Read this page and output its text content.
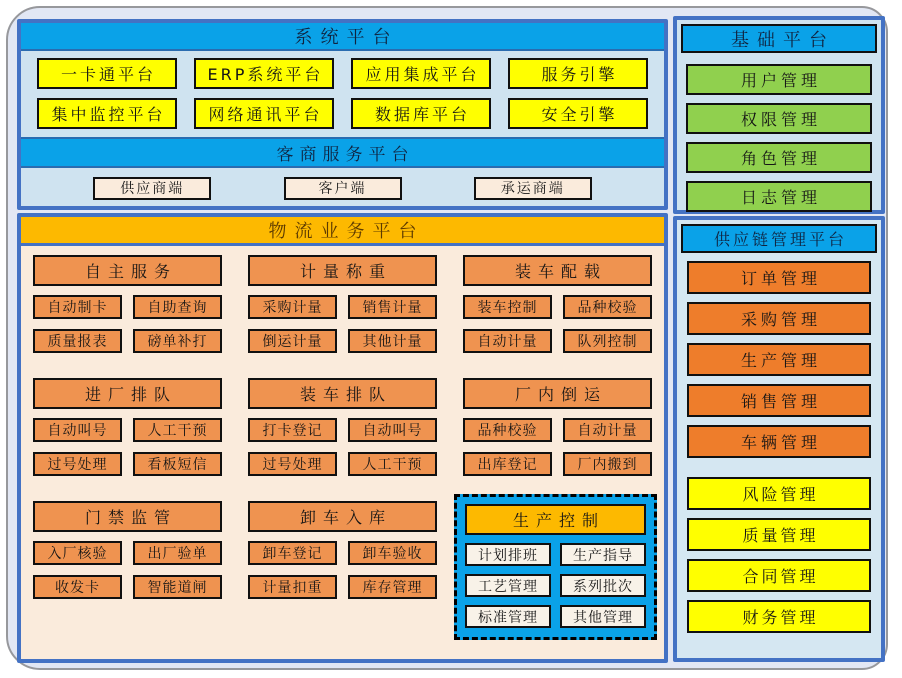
系统平台
一卡通平台	ERP系统平台	应用集成平台	服务引擎
集中监控平台	网络通讯平台	数据库平台	安全引擎
客商服务平台
供应商端	客户端	承运商端
基础平台
用户管理
权限管理
角色管理
日志管理
物流业务平台
自主服务
自动制卡	自助查询
质量报表	磅单补打
计量称重
采购计量	销售计量
倒运计量	其他计量
装车配载
装车控制	品种校验
自动计量	队列控制
进厂排队
自动叫号	人工干预
过号处理	看板短信
装车排队
打卡登记	自动叫号
过号处理	人工干预
厂内倒运
品种校验	自动计量
出库登记	厂内搬到
门禁监管
入厂核验	出厂验单
收发卡	智能道闸
卸车入库
卸车登记	卸车验收
计量扣重	库存管理
生产控制
计划排班	生产指导
工艺管理	系列批次
标准管理	其他管理
供应链管理平台
订单管理
采购管理
生产管理
销售管理
车辆管理
风险管理
质量管理
合同管理
财务管理
